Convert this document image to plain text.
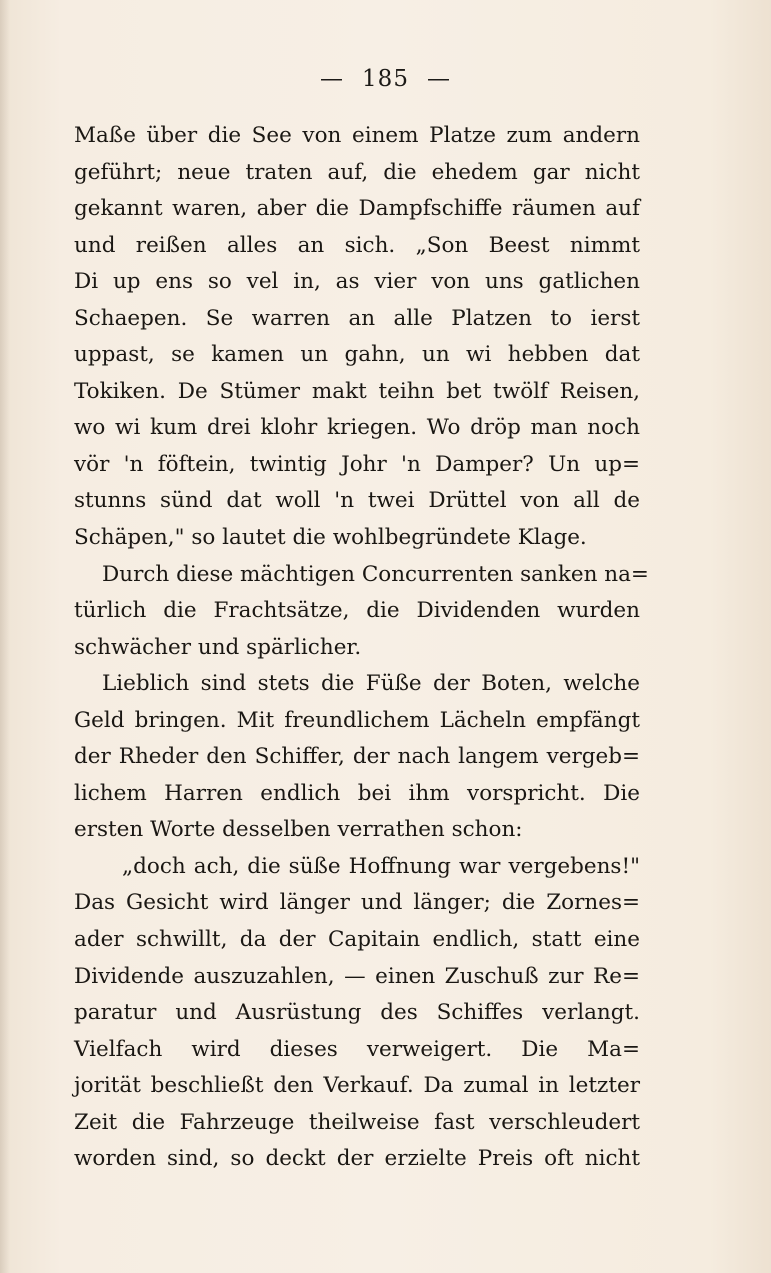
— 185 —
Maße über die See von einem Platze zum andern
geführt; neue traten auf, die ehedem gar nicht
gekannt waren, aber die Dampfschiffe räumen auf
und reißen alles an sich. „Son Beest nimmt
Di up ens so vel in, as vier von uns gatlichen
Schaepen. Se warren an alle Platzen to ierst
uppast, se kamen un gahn, un wi hebben dat
Tokiken. De Stümer makt teihn bet twölf Reisen,
wo wi kum drei klohr kriegen. Wo dröp man noch
vör 'n föftein, twintig Johr 'n Damper? Un up=
stunns sünd dat woll 'n twei Drüttel von all de
Schäpen," so lautet die wohlbegründete Klage.
Durch diese mächtigen Concurrenten sanken na=
türlich die Frachtsätze, die Dividenden wurden
schwächer und spärlicher.
Lieblich sind stets die Füße der Boten, welche
Geld bringen. Mit freundlichem Lächeln empfängt
der Rheder den Schiffer, der nach langem vergeb=
lichem Harren endlich bei ihm vorspricht. Die
ersten Worte desselben verrathen schon:
„doch ach, die süße Hoffnung war vergebens!"
Das Gesicht wird länger und länger; die Zornes=
ader schwillt, da der Capitain endlich, statt eine
Dividende auszuzahlen, — einen Zuschuß zur Re=
paratur und Ausrüstung des Schiffes verlangt.
Vielfach wird dieses verweigert. Die Ma=
jorität beschließt den Verkauf. Da zumal in letzter
Zeit die Fahrzeuge theilweise fast verschleudert
worden sind, so deckt der erzielte Preis oft nicht
